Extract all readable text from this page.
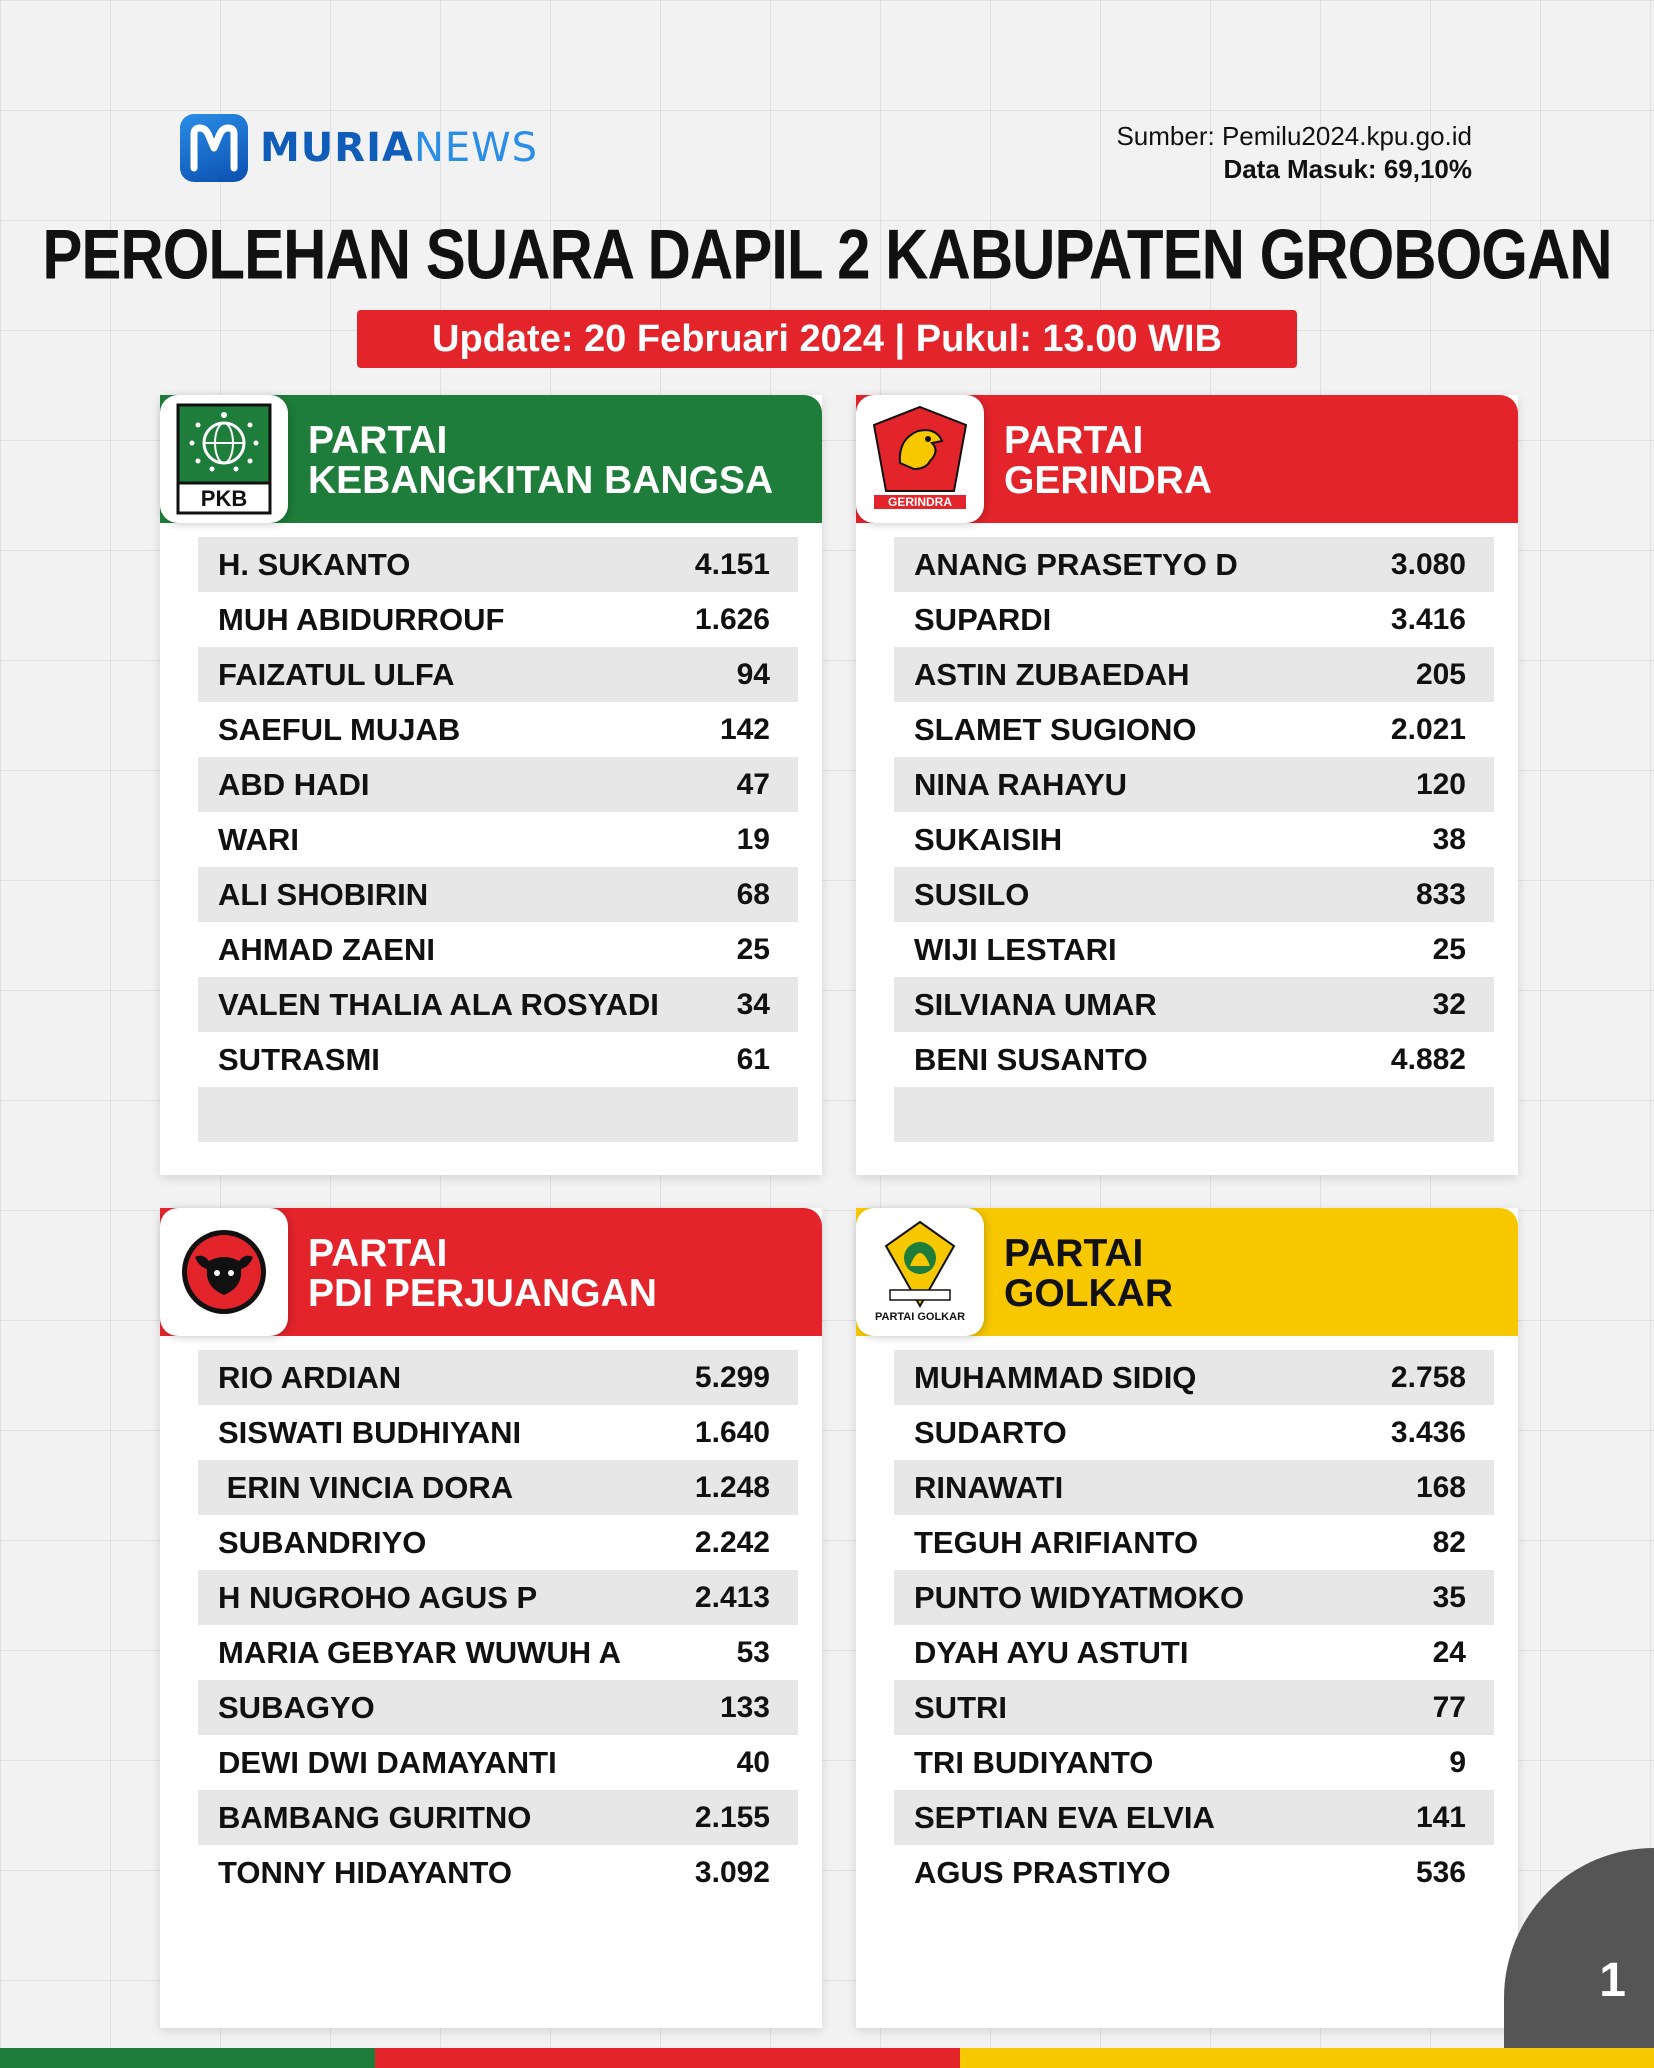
MURIANEWS	Sumber: Pemilu2024.kpu.go.id
Data Masuk: 69,10%
PEROLEHAN SUARA DAPIL 2 KABUPATEN GROBOGAN
Update: 20 Februari 2024 | Pukul: 13.00 WIB
PKB
PARTAI
KEBANGKITAN BANGSA
H. SUKANTO	4.151
MUH ABIDURROUF	1.626
FAIZATUL ULFA	94
SAEFUL MUJAB	142
ABD HADI	47
WARI	19
ALI SHOBIRIN	68
AHMAD ZAENI	25
VALEN THALIA ALA ROSYADI	34
SUTRASMI	61
GERINDRA
PARTAI
GERINDRA
ANANG PRASETYO D	3.080
SUPARDI	3.416
ASTIN ZUBAEDAH	205
SLAMET SUGIONO	2.021
NINA RAHAYU	120
SUKAISIH	38
SUSILO	833
WIJI LESTARI	25
SILVIANA UMAR	32
BENI SUSANTO	4.882
PARTAI
PDI PERJUANGAN
RIO ARDIAN	5.299
SISWATI BUDHIYANI	1.640
ERIN VINCIA DORA	1.248
SUBANDRIYO	2.242
H NUGROHO AGUS P	2.413
MARIA GEBYAR WUWUH A	53
SUBAGYO	133
DEWI DWI DAMAYANTI	40
BAMBANG GURITNO	2.155
TONNY HIDAYANTO	3.092
PARTAI GOLKAR
PARTAI
GOLKAR
MUHAMMAD SIDIQ	2.758
SUDARTO	3.436
RINAWATI	168
TEGUH ARIFIANTO	82
PUNTO WIDYATMOKO	35
DYAH AYU ASTUTI	24
SUTRI	77
TRI BUDIYANTO	9
SEPTIAN EVA ELVIA	141
AGUS PRASTIYO	536
1
